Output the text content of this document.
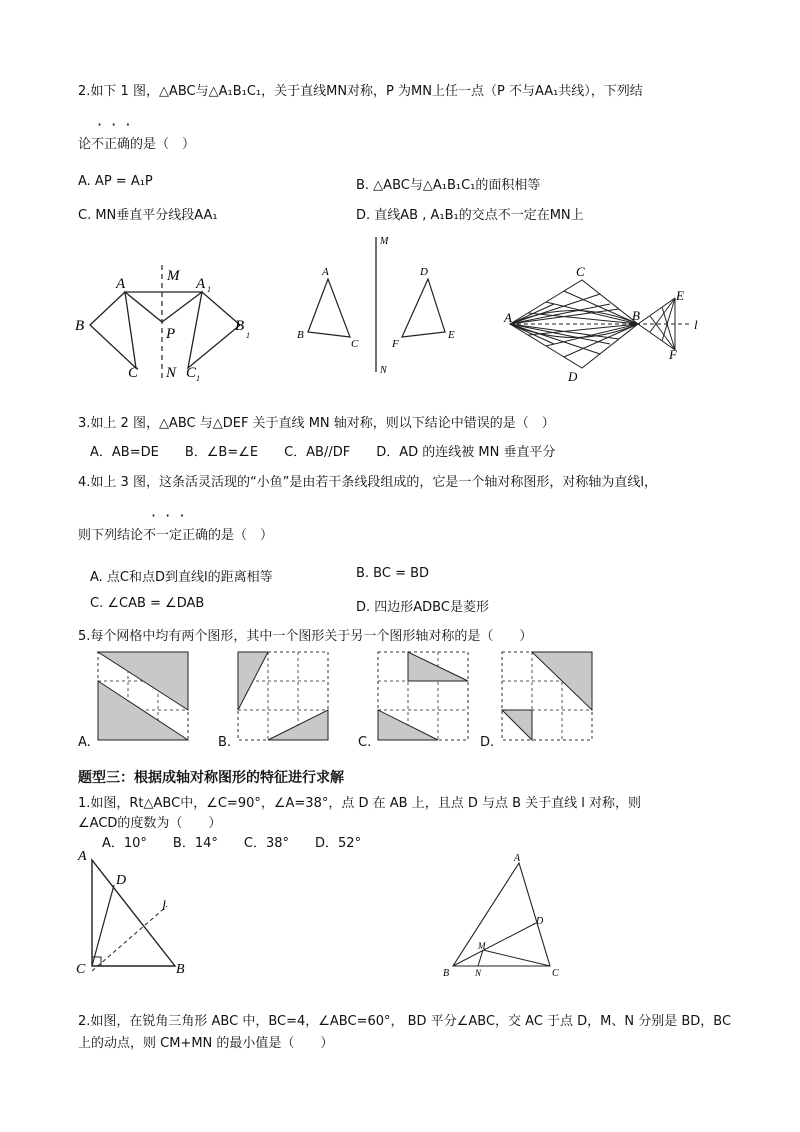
2.如下 1 图，△ABC与△A₁B₁C₁，关于直线MN对称，P 为MN上任一点（P 不与AA₁共线），下列结
· · ·
论不正确的是（　）
A. AP = A₁P	B. △ABC与△A₁B₁C₁的面积相等
C. MN垂直平分线段AA₁	D. 直线AB , A₁B₁的交点不一定在MN上
A	M A 1
B	P	B
1
C N C 1
M
A	D
B
C	F
E
N
C
E
A	B
l
D
F
3.如上 2 图，△ABC 与△DEF 关于直线 MN 轴对称，则以下结论中错误的是（　）
A．AB=DE　　B．∠B=∠E　　C．AB//DF　　D．AD 的连线被 MN 垂直平分
4.如上 3 图，这条活灵活现的“小鱼”是由若干条线段组成的，它是一个轴对称图形，对称轴为直线l，
· · ·
则下列结论不一定正确的是（　）
A. 点C和点D到直线l的距离相等	B. BC = BD
C. ∠CAB = ∠DAB	D. 四边形ADBC是菱形
5.每个网格中均有两个图形，其中一个图形关于另一个图形轴对称的是（　　）
A.	B.	C.	D.
题型三：根据成轴对称图形的特征进行求解
1.如图，Rt△ABC中，∠C=90°，∠A=38°，点 D 在 AB 上，且点 D 与点 B 关于直线 l 对称，则
∠ACD的度数为（　　）
A．10°　　B．14°　　C．38°　　D．52°
A
D
l
C	B
A
D
M
B	N	C
2.如图，在锐角三角形 ABC 中，BC=4，∠ABC=60°， BD 平分∠ABC，交 AC 于点 D，M、N 分别是 BD，BC
上的动点，则 CM+MN 的最小值是（　　）
